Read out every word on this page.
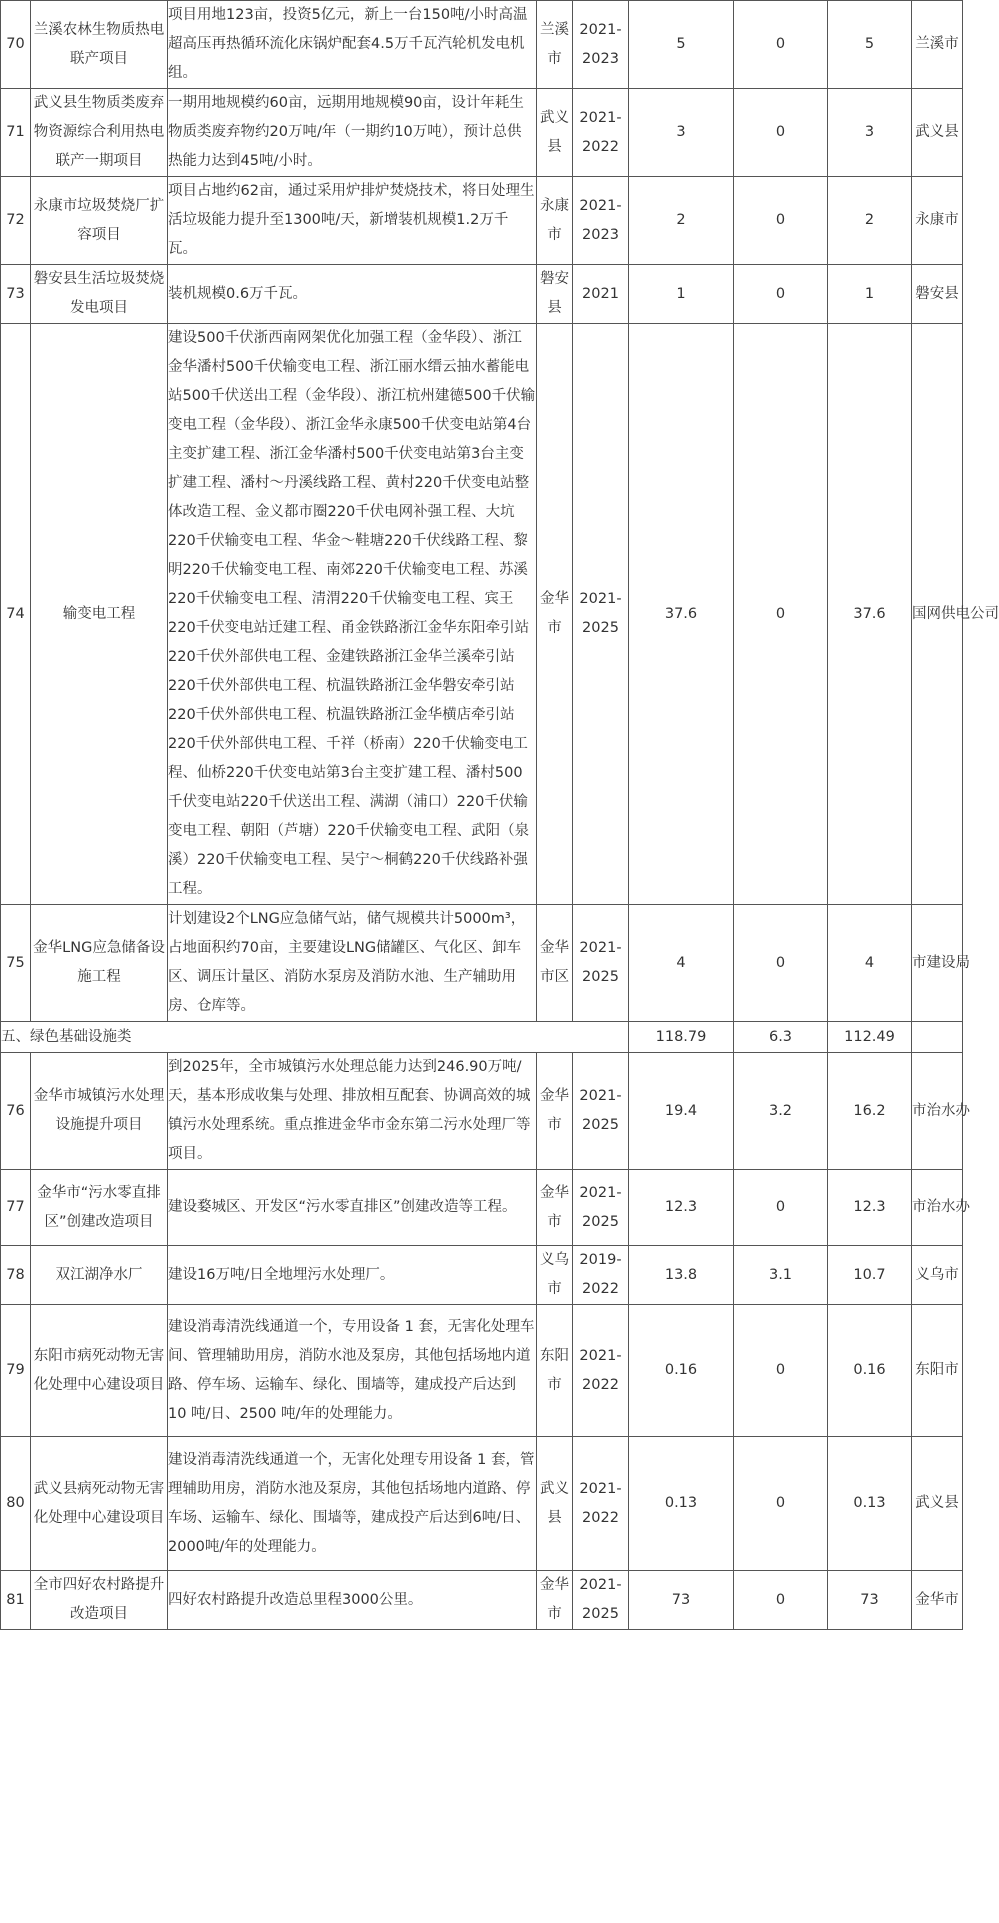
70	兰溪农林生物质热电联产项目	项目用地123亩，投资5亿元，新上一台150吨/小时高温超高压再热循环流化床锅炉配套4.5万千瓦汽轮机发电机组。	兰溪市	2021-2023	5	0	5	兰溪市
71	武义县生物质类废弃物资源综合利用热电联产一期项目	一期用地规模约60亩，远期用地规模90亩，设计年耗生物质类废弃物约20万吨/年（一期约10万吨），预计总供热能力达到45吨/小时。	武义县	2021-2022	3	0	3	武义县
72	永康市垃圾焚烧厂扩容项目	项目占地约62亩，通过采用炉排炉焚烧技术，将日处理生活垃圾能力提升至1300吨/天，新增装机规模1.2万千瓦。	永康市	2021-2023	2	0	2	永康市
73	磐安县生活垃圾焚烧发电项目	装机规模0.6万千瓦。	磐安县	2021	1	0	1	磐安县
74	输变电工程	建设500千伏浙西南网架优化加强工程（金华段）、浙江金华潘村500千伏输变电工程、浙江丽水缙云抽水蓄能电站500千伏送出工程（金华段）、浙江杭州建德500千伏输变电工程（金华段）、浙江金华永康500千伏变电站第4台主变扩建工程、浙江金华潘村500千伏变电站第3台主变扩建工程、潘村～丹溪线路工程、黄村220千伏变电站整体改造工程、金义都市圈220千伏电网补强工程、大坑220千伏输变电工程、华金～鞋塘220千伏线路工程、黎明220千伏输变电工程、南郊220千伏输变电工程、苏溪220千伏输变电工程、清渭220千伏输变电工程、宾王220千伏变电站迁建工程、甬金铁路浙江金华东阳牵引站220千伏外部供电工程、金建铁路浙江金华兰溪牵引站220千伏外部供电工程、杭温铁路浙江金华磐安牵引站220千伏外部供电工程、杭温铁路浙江金华横店牵引站220千伏外部供电工程、千祥（桥南）220千伏输变电工程、仙桥220千伏变电站第3台主变扩建工程、潘村500千伏变电站220千伏送出工程、满湖（浦口）220千伏输变电工程、朝阳（芦塘）220千伏输变电工程、武阳（泉溪）220千伏输变电工程、吴宁～桐鹤220千伏线路补强工程。	金华市	2021-2025	37.6	0	37.6	国网供电公司
75	金华LNG应急储备设施工程	计划建设2个LNG应急储气站，储气规模共计5000m³，占地面积约70亩，主要建设LNG储罐区、气化区、卸车区、调压计量区、消防水泵房及消防水池、生产辅助用房、仓库等。	金华市区	2021-2025	4	0	4	市建设局
五、绿色基础设施类					118.79	6.3	112.49	
76	金华市城镇污水处理设施提升项目	到2025年，全市城镇污水处理总能力达到246.90万吨/天，基本形成收集与处理、排放相互配套、协调高效的城镇污水处理系统。重点推进金华市金东第二污水处理厂等项目。	金华市	2021-2025	19.4	3.2	16.2	市治水办
77	金华市“污水零直排区”创建改造项目	建设婺城区、开发区“污水零直排区”创建改造等工程。	金华市	2021-2025	12.3	0	12.3	市治水办
78	双江湖净水厂	建设16万吨/日全地埋污水处理厂。	义乌市	2019-2022	13.8	3.1	10.7	义乌市
79	东阳市病死动物无害化处理中心建设项目	建设消毒清洗线通道一个，专用设备 1 套，无害化处理车间、管理辅助用房，消防水池及泵房，其他包括场地内道路、停车场、运输车、绿化、围墙等，建成投产后达到 10 吨/日、2500 吨/年的处理能力。	东阳市	2021-2022	0.16	0	0.16	东阳市
80	武义县病死动物无害化处理中心建设项目	建设消毒清洗线通道一个，无害化处理专用设备 1 套，管理辅助用房，消防水池及泵房，其他包括场地内道路、停车场、运输车、绿化、围墙等，建成投产后达到6吨/日、2000吨/年的处理能力。	武义县	2021-2022	0.13	0	0.13	武义县
81	全市四好农村路提升改造项目	四好农村路提升改造总里程3000公里。	金华市	2021-2025	73	0	73	金华市
